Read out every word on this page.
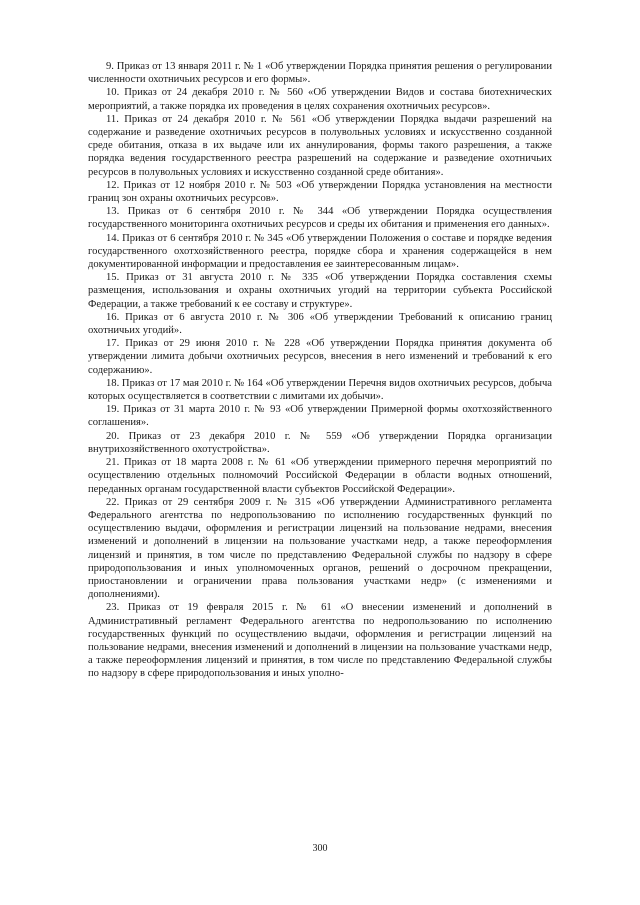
9. Приказ от 13 января 2011 г. № 1 «Об утверждении Порядка принятия решения о регулировании численности охотничьих ресурсов и его формы».

10. Приказ от 24 декабря 2010 г. № 560 «Об утверждении Видов и состава биотехнических мероприятий, а также порядка их проведения в целях сохранения охотничьих ресурсов».

11. Приказ от 24 декабря 2010 г. № 561 «Об утверждении Порядка выдачи разрешений на содержание и разведение охотничьих ресурсов в полувольных условиях и искусственно созданной среде обитания, отказа в их выдаче или их аннулирования, формы такого разрешения, а также порядка ведения государственного реестра разрешений на содержание и разведение охотничьих ресурсов в полувольных условиях и искусственно созданной среде обитания».

12. Приказ от 12 ноября 2010 г. № 503 «Об утверждении Порядка установления на местности границ зон охраны охотничьих ресурсов».

13. Приказ от 6 сентября 2010 г. № 344 «Об утверждении Порядка осуществления государственного мониторинга охотничьих ресурсов и среды их обитания и применения его данных».

14. Приказ от 6 сентября 2010 г. № 345 «Об утверждении Положения о составе и порядке ведения государственного охотхозяйственного реестра, порядке сбора и хранения содержащейся в нем документированной информации и предоставления ее заинтересованным лицам».

15. Приказ от 31 августа 2010 г. № 335 «Об утверждении Порядка составления схемы размещения, использования и охраны охотничьих угодий на территории субъекта Российской Федерации, а также требований к ее составу и структуре».

16. Приказ от 6 августа 2010 г. № 306 «Об утверждении Требований к описанию границ охотничьих угодий».

17. Приказ от 29 июня 2010 г. № 228 «Об утверждении Порядка принятия документа об утверждении лимита добычи охотничьих ресурсов, внесения в него изменений и требований к его содержанию».

18. Приказ от 17 мая 2010 г. № 164 «Об утверждении Перечня видов охотничьих ресурсов, добыча которых осуществляется в соответствии с лимитами их добычи».

19. Приказ от 31 марта 2010 г. № 93 «Об утверждении Примерной формы охотхозяйственного соглашения».

20. Приказ от 23 декабря 2010 г. № 559 «Об утверждении Порядка организации внутрихозяйственного охотустройства».

21. Приказ от 18 марта 2008 г. № 61 «Об утверждении примерного перечня мероприятий по осуществлению отдельных полномочий Российской Федерации в области водных отношений, переданных органам государственной власти субъектов Российской Федерации».

22. Приказ от 29 сентября 2009 г. № 315 «Об утверждении Административного регламента Федерального агентства по недропользованию по исполнению государственных функций по осуществлению выдачи, оформления и регистрации лицензий на пользование недрами, внесения изменений и дополнений в лицензии на пользование участками недр, а также переоформления лицензий и принятия, в том числе по представлению Федеральной службы по надзору в сфере природопользования и иных уполномоченных органов, решений о досрочном прекращении, приостановлении и ограничении права пользования участками недр» (с изменениями и дополнениями).

23. Приказ от 19 февраля 2015 г. № 61 «О внесении изменений и дополнений в Административный регламент Федерального агентства по недропользованию по исполнению государственных функций по осуществлению выдачи, оформления и регистрации лицензий на пользование недрами, внесения изменений и дополнений в лицензии на пользование участками недр, а также переоформления лицензий и принятия, в том числе по представлению Федеральной службы по надзору в сфере природопользования и иных уполно-

300
